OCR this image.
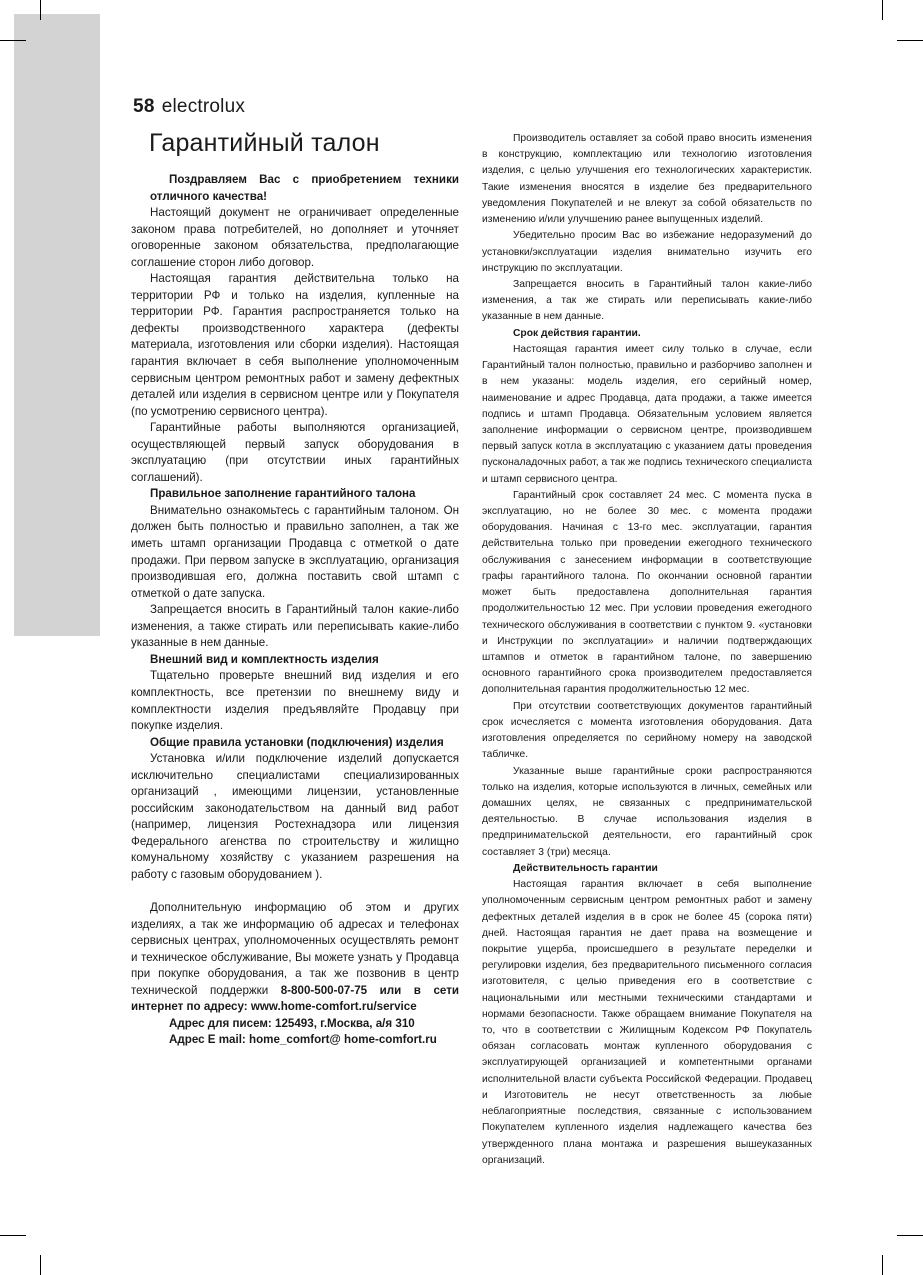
58 electrolux
Гарантийный талон

Поздравляем Вас с приобретением техники отличного качества!

Настоящий документ не ограничивает определенные законом права потребителей, но дополняет и уточняет оговоренные законом обязательства, предполагающие соглашение сторон либо договор.

Настоящая гарантия действительна только на территории РФ и только на изделия, купленные на территории РФ. Гарантия распространяется только на дефекты производственного характера (дефекты материала, изготовления или сборки изделия). Настоящая гарантия включает в себя выполнение уполномоченным сервисным центром ремонтных работ и замену дефектных деталей или изделия в сервисном центре или у Покупателя (по усмотрению сервисного центра).

Гарантийные работы выполняются организацией, осуществляющей первый запуск оборудования в эксплуатацию (при отсутствии иных гарантийных соглашений).

Правильное заполнение гарантийного талона

Внимательно ознакомьтесь с гарантийным талоном. Он должен быть полностью и правильно заполнен, а так же иметь штамп организации Продавца с отметкой о дате продажи. При первом запуске в эксплуатацию, организация производившая его, должна поставить свой штамп с отметкой о дате запуска.

Запрещается вносить в Гарантийный талон какие-либо изменения, а также стирать или переписывать какие-либо указанные в нем данные.

Внешний вид и комплектность изделия

Тщательно проверьте внешний вид изделия и его комплектность, все претензии по внешнему виду и комплектности изделия предъявляйте Продавцу при покупке изделия.

Общие правила установки (подключения) изделия

Установка и/или подключение изделий допускается исключительно специалистами специализированных организаций , имеющими лицензии, установленные российским законодательством на данный вид работ (например, лицензия Ростехнадзора или лицензия Федерального агенства по строительству и жилищно комунальному хозяйству с указанием разрешения на работу с газовым оборудованием ).

Дополнительную информацию об этом и других изделиях, а так же информацию об адресах и телефонах сервисных центрах, уполномоченных осуществлять ремонт и техническое обслуживание, Вы можете узнать у Продавца при покупке оборудования, а так же позвонив в центр технической поддержки 8-800-500-07-75 или в сети интернет по адресу: www.home-comfort.ru/service

Адрес для писем: 125493, г.Москва, а/я 310

Адрес E mail: home_comfort@ home-comfort.ru

Производитель оставляет за собой право вносить изменения в конструкцию, комплектацию или технологию изготовления изделия, с целью улучшения его технологических характеристик. Такие изменения вносятся в изделие без предварительного уведомления Покупателей и не влекут за собой обязательств по изменению и/или улучшению ранее выпущенных изделий.

Убедительно просим Вас во избежание недоразумений до установки/эксплуатации изделия внимательно изучить его инструкцию по эксплуатации.

Запрещается вносить в Гарантийный талон какие-либо изменения, а так же стирать или переписывать какие-либо указанные в нем данные.

Срок действия гарантии.

Настоящая гарантия имеет силу только в случае, если Гарантийный талон полностью, правильно и разборчиво заполнен и в нем указаны: модель изделия, его серийный номер, наименование и адрес Продавца, дата продажи, а также имеется подпись и штамп Продавца. Обязательным условием является заполнение информации о сервисном центре, производившем первый запуск котла в эксплуатацию с указанием даты проведения пусконаладочных работ, а так же подпись технического специалиста и штамп сервисного центра.

Гарантийный срок составляет 24 мес. С момента пуска в эксплуатацию, но не более 30 мес. с момента продажи оборудования. Начиная с 13-го мес. эксплуатации, гарантия действительна только при проведении ежегодного технического обслуживания с занесением информации в соответствующие графы гарантийного талона. По окончании основной гарантии может быть предоставлена дополнительная гарантия продолжительностью 12 мес. При условии проведения ежегодного технического обслуживания в соответствии с пунктом 9. «установки и Инструкции по эксплуатации» и наличии подтверждающих штампов и отметок в гарантийном талоне, по завершению основного гарантийного срока производителем предоставляется дополнительная гарантия продолжительностью 12 мес.

При отсутствии соответствующих документов гарантийный срок исчесляется с момента изготовления оборудования. Дата изготовления определяется по серийному номеру на заводской табличке.

Указанные выше гарантийные сроки распространяются только на изделия, которые используются в личных, семейных или домашних целях, не связанных с предпринимательской деятельностью. В случае использования изделия в предпринимательской деятельности, его гарантийный срок составляет 3 (три) месяца.

Действительность гарантии

Настоящая гарантия включает в себя выполнение уполномоченным сервисным центром ремонтных работ и замену дефектных деталей изделия в в срок не более 45 (сорока пяти) дней. Настоящая гарантия не дает права на возмещение и покрытие ущерба, происшедшего в результате переделки и регулировки изделия, без предварительного письменного согласия изготовителя, с целью приведения его в соответствие с национальными или местными техническими стандартами и нормами безопасности. Также обращаем внимание Покупателя на то, что в соответствии с Жилищным Кодексом РФ Покупатель обязан согласовать монтаж купленного оборудования с эксплуатирующей организацией и компетентными органами исполнительной власти субъекта Российской Федерации. Продавец и Изготовитель не несут ответственность за любые неблагоприятные последствия, связанные с использованием Покупателем купленного изделия надлежащего качества без утвержденного плана монтажа и разрешения вышеуказанных организаций.
